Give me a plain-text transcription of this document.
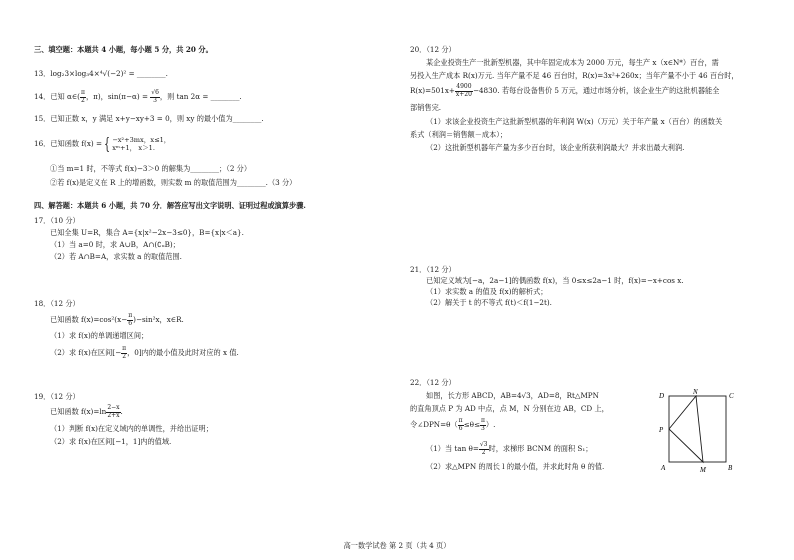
三、填空题：本题共 4 小题，每小题 5 分，共 20 分。
13．log₂3×log₃4×⁴√(−2)² = ________.
14．已知 α∈( $\frac{\pi}{2}$ ，π)，$\sin(\pi-\alpha) = \frac{√6}{3}$ ，则 tan 2α = ________.
15．已知正数 x，y 满足 x+y−xy+3 = 0，则 xy 的最小值为________.
16．已知函数 f(x) = { −x²+3mx，x≤1，
xᵐ+1， x＞1.
①当 m=1 时，不等式 f(x)−3＞0 的解集为________；（2 分）
②若 f(x)是定义在 R 上的增函数，则实数 m 的取值范围为________.（3 分）
四、解答题：本题共 6 小题，共 70 分．解答应写出文字说明、证明过程或演算步骤.
17．（10 分）
已知全集 U=R，集合 A={x|x²−2x−3≤0}，B={x|x＜a}.
（1）当 a=0 时，求 A∪B，A∩(∁ᵤB)；
（2）若 A∩B=A，求实数 a 的取值范围.
18．（12 分）
已知函数 $f(x)=\cos^2(x- \frac{\pi}{6} )-\sin^2x$，x∈R.
（1）求 f(x)的单调递增区间；
（2）求 f(x)在区间[− $\frac{\pi}{2}$ ，0]内的最小值及此时对应的 x 值.
19．（12 分）
已知函数 $f(x)=\ln \frac{2-x}{2+x}$ .
（1）判断 f(x)在定义域内的单调性，并给出证明；
（2）求 f(x)在区间[−1，1]内的值域.
20．（12 分）
某企业投资生产一批新型机器，其中年固定成本为 2000 万元，每生产 x（x∈N*）百台，需
另投入生产成本 R(x)万元. 当年产量不足 46 百台时，R(x)=3x²+260x；当年产量不小于 46 百台时，
$R(x)=501x+ \frac{4900}{x+20} -4830$. 若每台设备售价 5 万元，通过市场分析，该企业生产的这批机器能全
部销售完.
（1）求该企业投资生产这批新型机器的年利润 W(x)（万元）关于年产量 x（百台）的函数关
系式（利润＝销售额－成本）；
（2）这批新型机器年产量为多少百台时，该企业所获利润最大？并求出最大利润.
21．（12 分）
已知定义域为[−a，2a−1]的偶函数 f(x)，当 0≤x≤2a−1 时，f(x)=−x+cos x.
（1）求实数 a 的值及 f(x)的解析式；
（2）解关于 t 的不等式 f(t)＜f(1−2t).
22．（12 分）
如图，长方形 ABCD，AB=4√3，AD=8，Rt△MPN
的直角顶点 P 为 AD 中点，点 M，N 分别在边 AB，CD 上，
令∠DPN=θ（ $\frac{\pi}{6} \le\theta\le \frac{\pi}{3}$ ）.
（1）当 $\tan \theta= \frac{√3}{2}$ 时，求梯形 BCNM 的面积 S₁；
（2）求△MPN 的周长 l 的最小值，并求此时角 θ 的值.
D	N	C
P
A	M	B
高一数学试卷 第 2 页（共 4 页）
